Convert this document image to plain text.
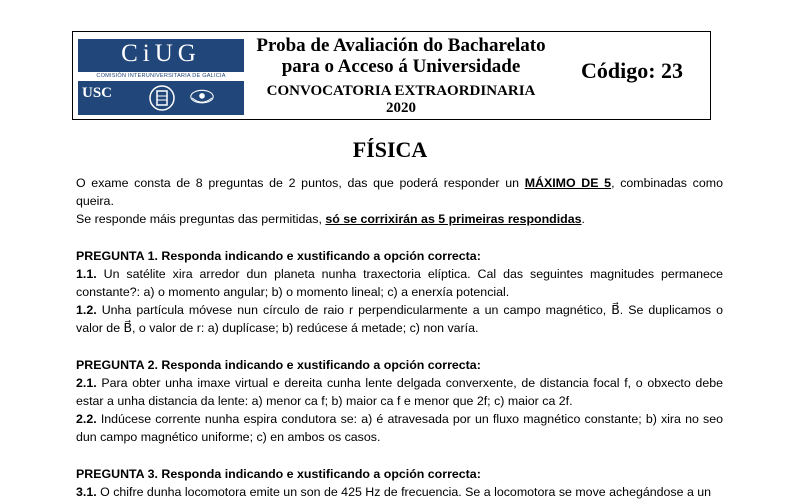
CiUG
COMISIÓN INTERUNIVERSITARIA DE GALICIA
USC
Proba de Avaliación do Bacharelato
para o Acceso á Universidade
CONVOCATORIA EXTRAORDINARIA
2020
Código: 23
FÍSICA

O exame consta de 8 preguntas de 2 puntos, das que poderá responder un MÁXIMO DE 5, combinadas como queira.

Se responde máis preguntas das permitidas, só se corrixirán as 5 primeiras respondidas.

PREGUNTA 1. Responda indicando e xustificando a opción correcta:

1.1. Un satélite xira arredor dun planeta nunha traxectoria elíptica. Cal das seguintes magnitudes permanece constante?: a) o momento angular; b) o momento lineal; c) a enerxía potencial.

1.2. Unha partícula móvese nun círculo de raio r perpendicularmente a un campo magnético, B⃗. Se duplicamos o valor de B⃗, o valor de r: a) duplícase; b) redúcese á metade; c) non varía.

PREGUNTA 2. Responda indicando e xustificando a opción correcta:

2.1. Para obter unha imaxe virtual e dereita cunha lente delgada converxente, de distancia focal f, o obxecto debe estar a unha distancia da lente: a) menor ca f; b) maior ca f e menor que 2f; c) maior ca 2f.

2.2. Indúcese corrente nunha espira condutora se: a) é atravesada por un fluxo magnético constante; b) xira no seo dun campo magnético uniforme; c) en ambos os casos.

PREGUNTA 3. Responda indicando e xustificando a opción correcta:

3.1. O chifre dunha locomotora emite un son de 425 Hz de frecuencia. Se a locomotora se move achegándose a un
